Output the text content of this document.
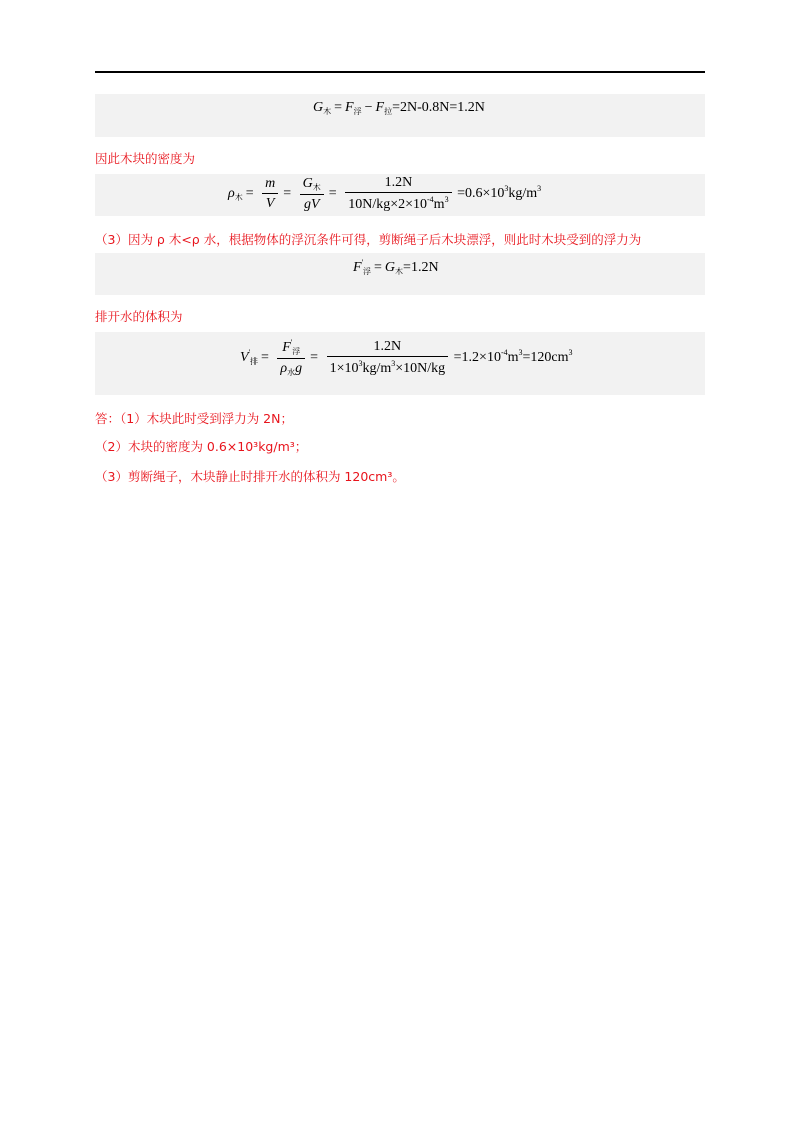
$G_木 = F_浮 - F_拉=2N-0.8N=1.2N$
因此木块的密度为
$\rho_木 = \frac{m}{V} = \frac{G_木}{gV} = \frac{1.2N}{10N/kg\times 2\times 10^{-4}m^3} =0.6\times 10^3kg/m^3$
（3）因为 ρ 木<ρ 水，根据物体的浮沉条件可得，剪断绳子后木块漂浮，则此时木块受到的浮力为
$F'_浮 = G_木=1.2N$
排开水的体积为
$V'_排 = \frac{F'_浮}{\rho_水g} = \frac{1.2N}{1\times 10^3kg/m^3\times 10N/kg} =1.2\times 10^{-4}m^3=120cm^3$
答：（1）木块此时受到浮力为 2N；
（2）木块的密度为 0.6×10³kg/m³；
（3）剪断绳子，木块静止时排开水的体积为 120cm³。
